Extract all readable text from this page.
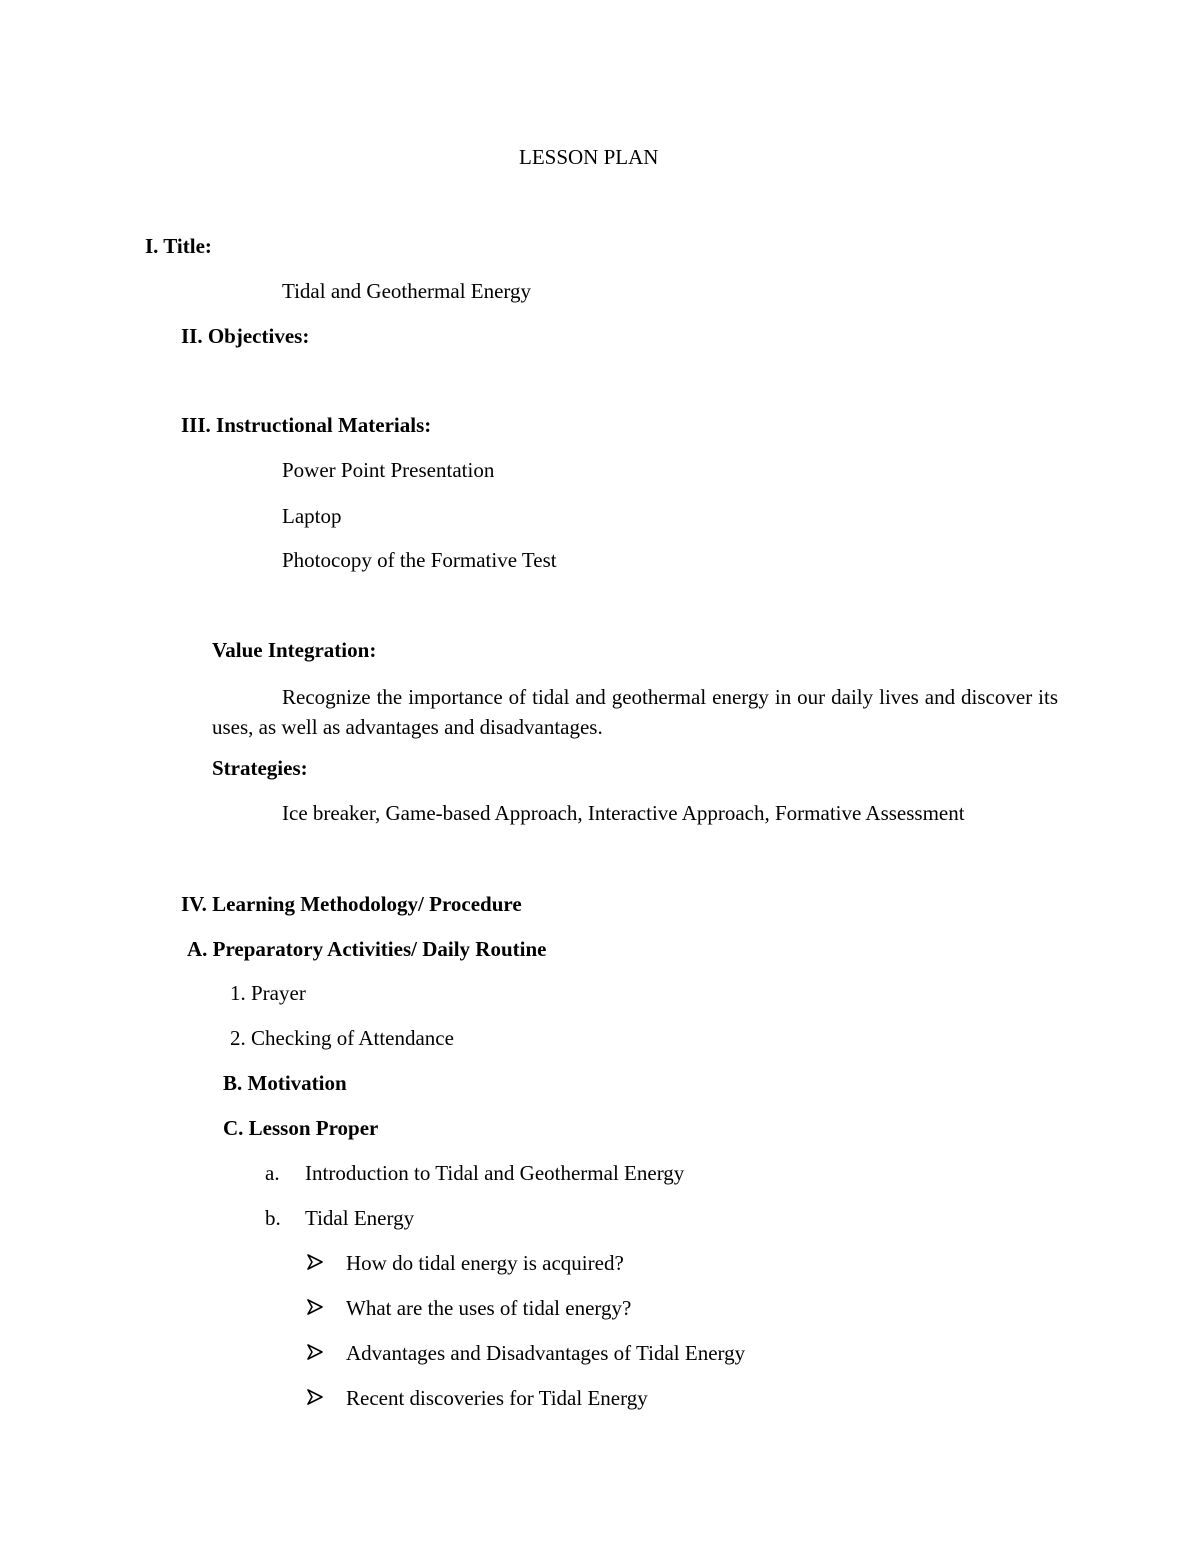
LESSON PLAN
I. Title:
Tidal and Geothermal Energy
II. Objectives:
III. Instructional Materials:
Power Point Presentation
Laptop
Photocopy of the Formative Test
Value Integration:
Recognize the importance of tidal and geothermal energy in our daily lives and discover its uses, as well as advantages and disadvantages.
Strategies:
Ice breaker, Game-based Approach, Interactive Approach, Formative Assessment
IV. Learning Methodology/ Procedure
A. Preparatory Activities/ Daily Routine
1. Prayer
2. Checking of Attendance
B. Motivation
C. Lesson Proper
a. Introduction to Tidal and Geothermal Energy
b. Tidal Energy
How do tidal energy is acquired?
What are the uses of tidal energy?
Advantages and Disadvantages of Tidal Energy
Recent discoveries for Tidal Energy
